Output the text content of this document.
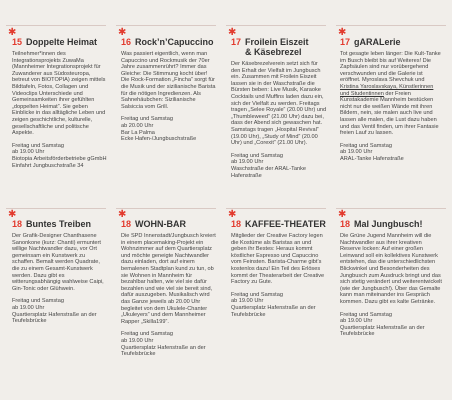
✱
15 Doppelte Heimat
Teilnehmer*innen des Integrationsprojekts ZuwaMa (Mannheimer Integrationsprojekt für Zuwanderer aus Südosteuropa, betreut von BIOTOPIA) zeigen mittels Bildtafeln, Fotos, Collagen und Videoclips Unterschiede und Gemeinsamkeiten ihrer gefühlten „doppelten Heimat“. Sie geben Einblicke in das alltägliche Leben und zeigen geschichtliche, kulturelle, gesellschaftliche und politische Aspekte.
Freitag und Samstag
ab 19.00 Uhr
Biotopia Arbeitsförderbetriebe gGmbH
Einfahrt Jungbuschstraße 34
✱
16 Rock’n’Capuccino
Was passiert eigentlich, wenn man Capuccino und Rockmusik der 70er Jahre zusammenrührt? Immer das Gleiche: Die Stimmung kocht über! Die Rock-Formation „Fincha“ sorgt für die Musik und der sizilianische Barista für die nötigen Ingredienzen. Als Sahnehäubchen: Sizilianische Salsiccia vom Grill.
Freitag und Samstag
ab 20.00 Uhr
Bar La Palma
Ecke Hafen-/Jungbuschstraße
✱
17 Froilein Eiszeit
& Käsebrezel
Der Käsebrezelverein setzt sich für den Erhalt der Vielfalt im Jungbusch ein. Zusammen mit Froilein Eiszeit lassen sie in der Waschstraße die Bürsten beben: Live Musik, Karaoke Cocktails und Muffins laden dazu ein, sich der Vielfalt zu werden. Freitags tragen „Selee Royale“ (20.00 Uhr) und „Thumbleweed“ (21.00 Uhr) dazu bei, dass der Abend sich gewaschen hat. Samstags tragen „Hospital Revival“ (19.00 Uhr), „Study of Mind“ (20.00 Uhr) und „Corexit“ (21.00 Uhr).
Freitag und Samstag
ab 19.00 Uhr
Waschstraße der ARAL-Tanke
Hafenstraße
✱
17 gARALerie
Tot gesagte leben länger: Die Kult-Tanke im Busch bleibt bis auf Weiteres! Die Zapfsäulen sind nur vorübergehend verschwunden und die Galerie ist eröffnet. Myroslava Shevchuk und Kristina Yaroslavskaya, Künstlerinnen und Studentinnen der Freien Kunstakademie Mannheim bestücken nicht nur die weißen Wände mit ihren Bildern, nein, sie malen auch live und lassen alle malen, die Lust dazu haben und das Ventil finden, um ihrer Fantasie freien Lauf zu lassen.
Freitag und Samstag
ab 19.00 Uhr
ARAL-Tanke Hafenstraße
✱
18 Buntes Treiben
Der Grafik-Designer Chanthasene Sanonkone (kurz: Chanti) ermuntert willige Nachtwandler dazu, vor Ort gemeinsam ein Kunstwerk zu schaffen. Bemalt werden Quadrate, die zu einem Gesamt-Kunstwerk werden. Dazu gibt es witterungsabhängig wahlweise Caipi, Gin-Tonic oder Glühwein.
Freitag und Samstag
ab 19.00 Uhr
Quartiersplatz Hafenstraße an der
Teufelsbrücke
✱
18 WOHN-BAR
Die SPD Innenstadt/Jungbusch kreiert in einem placemaking-Projekt ein Wohnzimmer auf dem Quartiersplatz und möchte geneigte Nachtwandler dazu einladen, dort auf einem bemalenen Stadtplan kund zu tun, ob sie Wohnen in Mannheim für bezahlbar halten, wie viel sie dafür bezahlen und wie viel sie bereit sind, dafür auszugeben. Musikalisch wird das Ganze jeweils ab 20.00 Uhr begleitet von dem Ukulele-Chanter „Ukuleyers“ und dem Mannheimer Rapper „Skilla199“.
Freitag und Samstag
ab 19.00 Uhr
Quartiersplatz Hafenstraße an der
Teufelsbrücke
✱
18 KAFFEE-THEATER
Mitglieder der Creative Factory legen die Kostüme als Baristas an und geben ihr Bestes: Heraus kommt köstlicher Espresso und Capuccino vom Feinsten. Barista-Charme gibt’s kostenlos dazu! Ein Teil des Erlöses kommt der Theaterarbeit der Creative Factory zu Gute.
Freitag und Samstag
ab 19.00 Uhr
Quartiersplatz Hafenstraße an der
Teufelsbrücke
✱
18 Mal Jungbusch!
Die Grüne Jugend Mannheim will die Nachtwandler aus ihrer kreativen Reserve locken: Auf einer großen Leinwand soll ein kollektives Kunstwerk entstehen, das die unterschiedlichsten Blickwinkel und Besonderheiten des Jungbusch zum Ausdruck bringt und das sich stetig verändert und weiterentwickelt (wie der Jungbusch!). Über das Gemalte kann man miteinander ins Gespräch kommen. Dazu gibt es kalte Getränke.
Freitag und Samstag
ab 19.00 Uhr
Quartiersplatz Hafenstraße an der
Teufelsbrücke
